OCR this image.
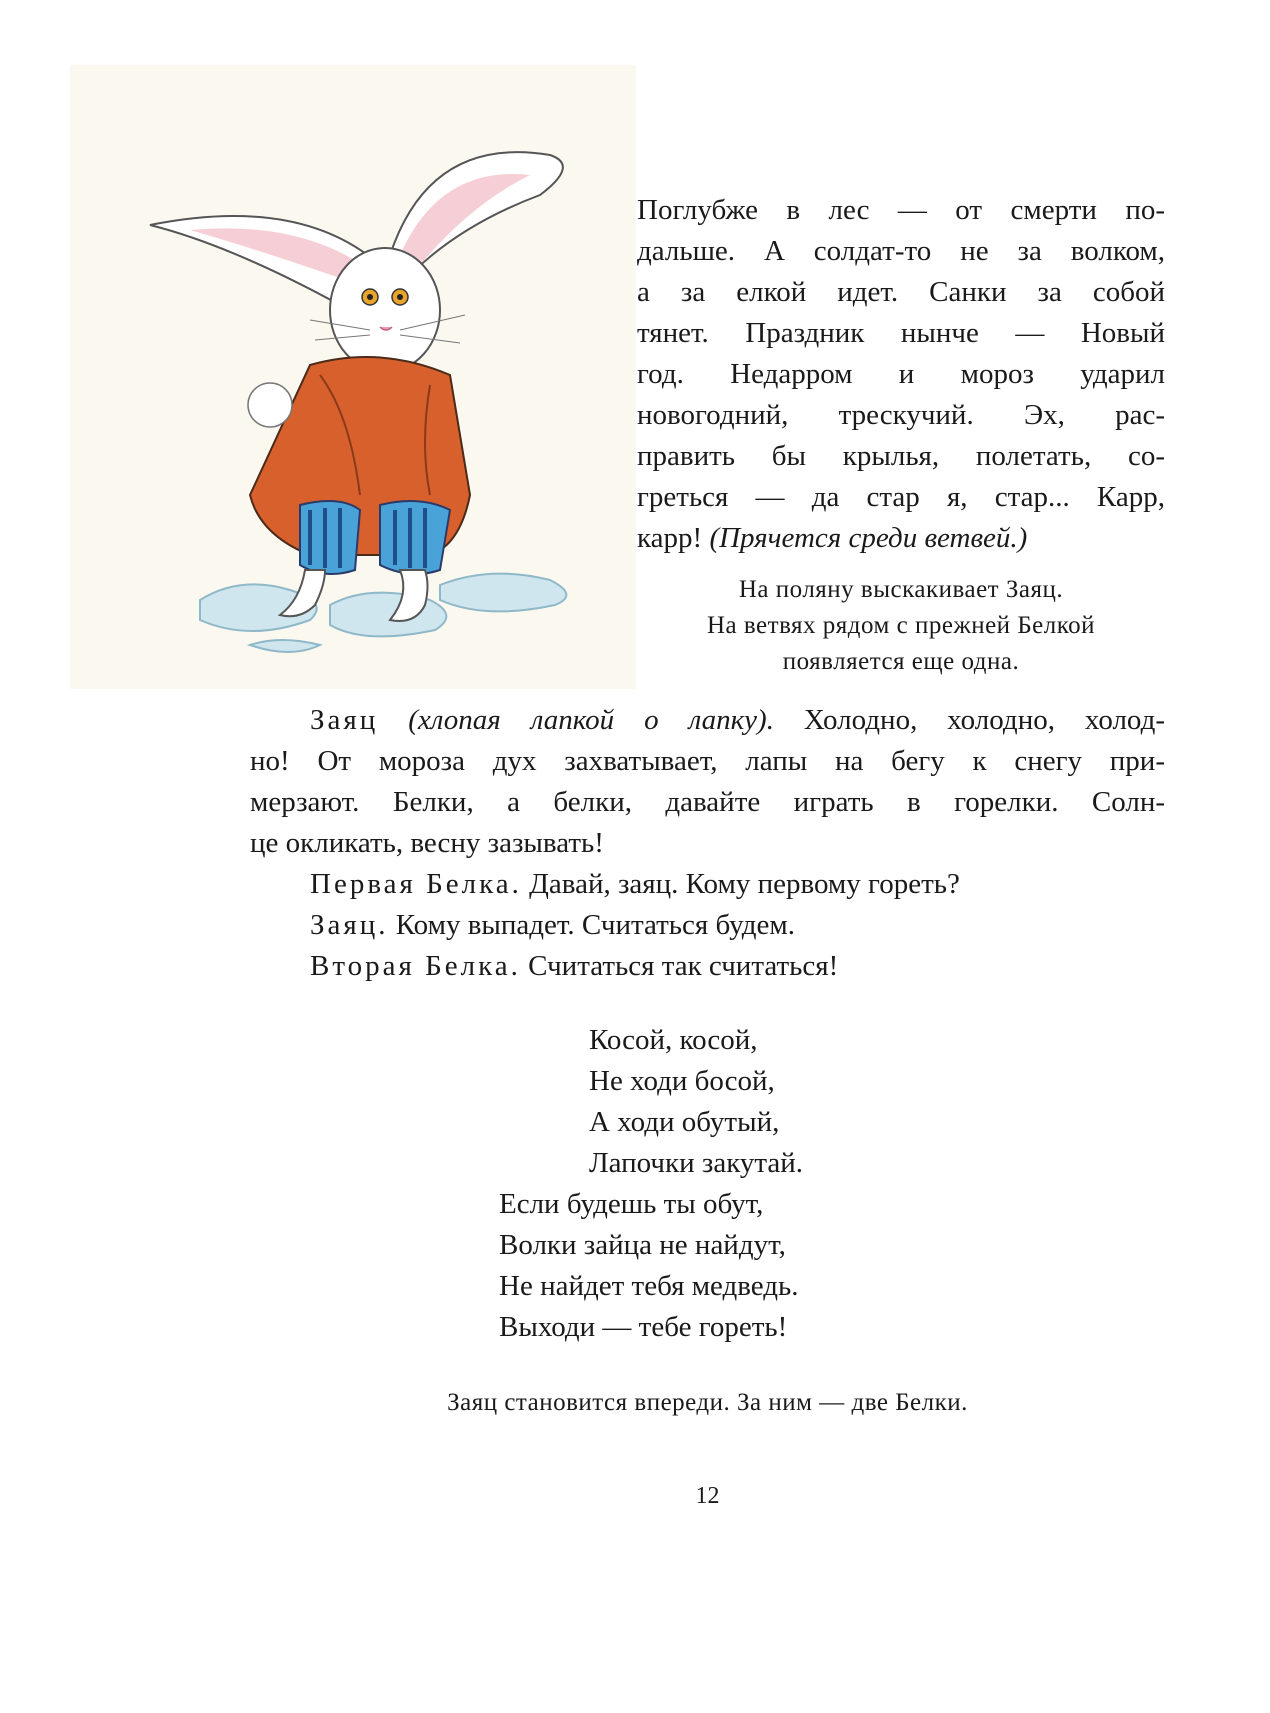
Поглубже в лес — от смерти по-
дальше. А солдат-то не за волком,
а за елкой идет. Санки за собой
тянет. Праздник нынче — Новый
год. Недарром и мороз ударил
новогодний, трескучий. Эх, рас-
править бы крылья, полетать, со-
греться — да стар я, стар... Карр,
карр! (Прячется среди ветвей.)
На поляну выскакивает Заяц.
На ветвях рядом с прежней Белкой
появляется еще одна.
Заяц (хлопая лапкой о лапку). Холодно, холодно, холод-
но! От мороза дух захватывает, лапы на бегу к снегу при-
мерзают. Белки, а белки, давайте играть в горелки. Солн-
це окликать, весну зазывать!
Первая Белка. Давай, заяц. Кому первому гореть?
Заяц. Кому выпадет. Считаться будем.
Вторая Белка. Считаться так считаться!
Косой, косой,
Не ходи босой,
А ходи обутый,
Лапочки закутай.
Если будешь ты обут,
Волки зайца не найдут,
Не найдет тебя медведь.
Выходи — тебе гореть!
Заяц становится впереди. За ним — две Белки.
12
